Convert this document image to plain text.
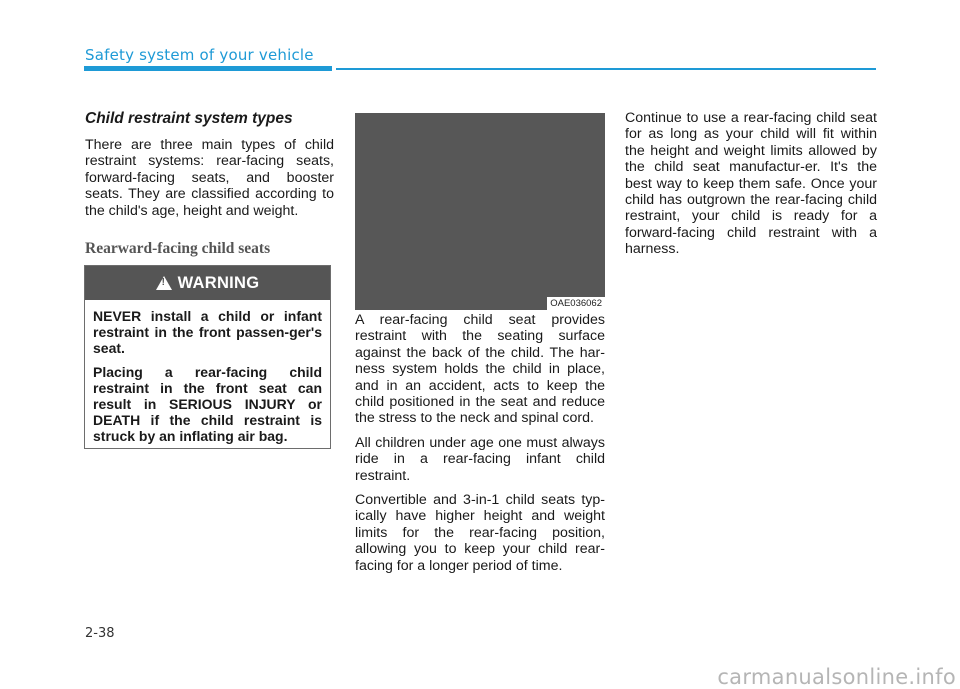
Safety system of your vehicle
Child restraint system types

There are three main types of child restraint systems: rear-facing seats, forward-facing seats, and booster seats. They are classified according to the child's age, height and weight.

Rearward-facing child seats
!
WARNING

NEVER install a child or infant restraint in the front passen-ger's seat.

Placing a rear-facing child restraint in the front seat can result in SERIOUS INJURY or DEATH if the child restraint is struck by an inflating air bag.

OAE036062

A rear-facing child seat provides restraint with the seating surface against the back of the child. The har-ness system holds the child in place, and in an accident, acts to keep the child positioned in the seat and reduce the stress to the neck and spinal cord.

All children under age one must always ride in a rear-facing infant child restraint.

Convertible and 3-in-1 child seats typ-ically have higher height and weight limits for the rear-facing position, allowing you to keep your child rear-facing for a longer period of time.

Continue to use a rear-facing child seat for as long as your child will fit within the height and weight limits allowed by the child seat manufactur-er. It's the best way to keep them safe. Once your child has outgrown the rear-facing child restraint, your child is ready for a forward-facing child restraint with a harness.

2-38
carmanualsonline.info
